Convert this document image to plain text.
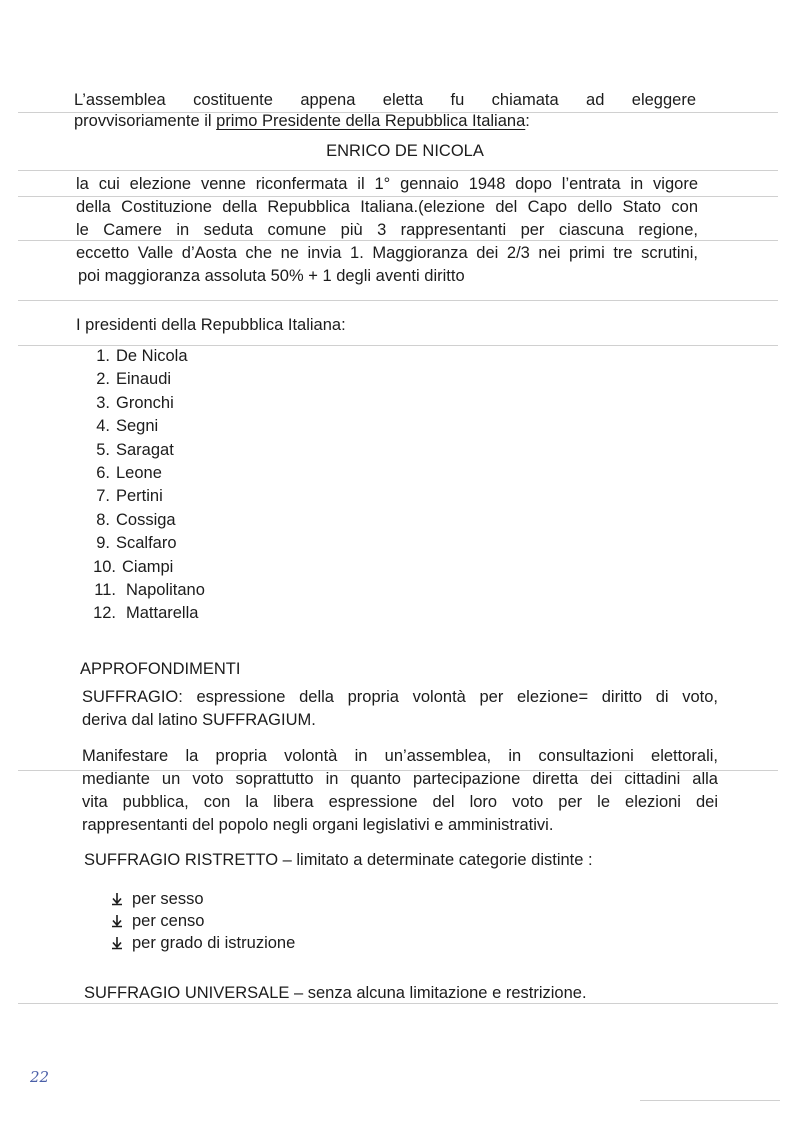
L’assemblea costituente appena eletta fu chiamata ad eleggere
provvisoriamente il primo Presidente della Repubblica Italiana:
ENRICO DE NICOLA
la cui elezione venne riconfermata il 1° gennaio 1948 dopo l’entrata in vigore
della Costituzione della Repubblica Italiana.(elezione del Capo dello Stato con
le Camere in seduta comune più 3 rappresentanti per ciascuna regione,
eccetto Valle d’Aosta che ne invia 1. Maggioranza dei 2/3 nei primi tre scrutini,
poi maggioranza assoluta 50% + 1 degli aventi diritto
I presidenti della Repubblica Italiana:
1. De Nicola
2. Einaudi
3. Gronchi
4. Segni
5. Saragat
6. Leone
7. Pertini
8. Cossiga
9. Scalfaro
10. Ciampi
11. Napolitano
12. Mattarella
APPROFONDIMENTI
SUFFRAGIO: espressione della propria volontà per elezione= diritto di voto,
deriva dal latino SUFFRAGIUM.
Manifestare la propria volontà in un’assemblea, in consultazioni elettorali,
mediante un voto soprattutto in quanto partecipazione diretta dei cittadini alla
vita pubblica, con la libera espressione del loro voto per le elezioni dei
rappresentanti del popolo negli organi legislativi e amministrativi.
SUFFRAGIO RISTRETTO – limitato a determinate categorie distinte :
per sesso
per censo
per grado di istruzione
SUFFRAGIO UNIVERSALE – senza alcuna limitazione e restrizione.
22
